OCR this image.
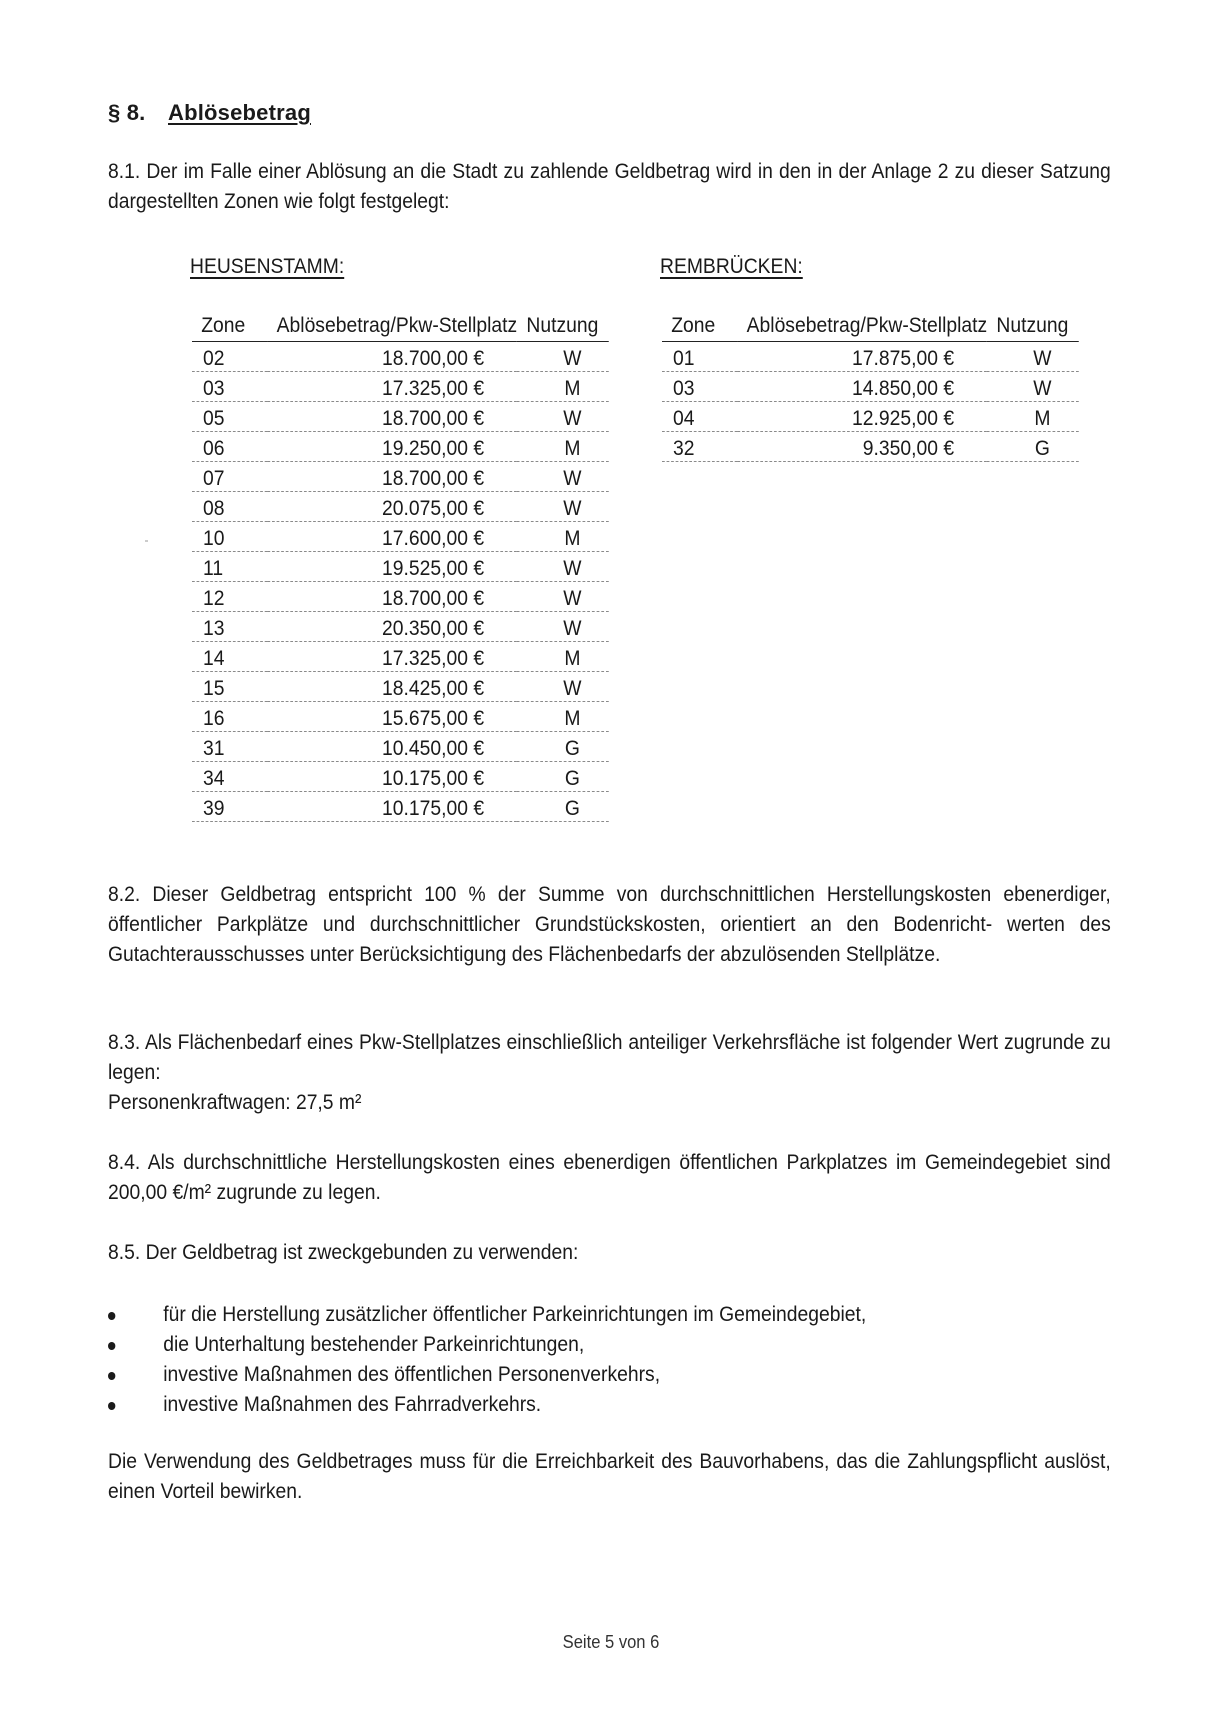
§ 8. Ablösebetrag
8.1. Der im Falle einer Ablösung an die Stadt zu zahlende Geldbetrag wird in den in der Anlage 2 zu dieser Satzung dargestellten Zonen wie folgt festgelegt:
HEUSENSTAMM:	REMBRÜCKEN:
Zone	Ablösebetrag/Pkw-Stellplatz	Nutzung
02	18.700,00 €	W
03	17.325,00 €	M
05	18.700,00 €	W
06	19.250,00 €	M
07	18.700,00 €	W
08	20.075,00 €	W
10	17.600,00 €	M
11	19.525,00 €	W
12	18.700,00 €	W
13	20.350,00 €	W
14	17.325,00 €	M
15	18.425,00 €	W
16	15.675,00 €	M
31	10.450,00 €	G
34	10.175,00 €	G
39	10.175,00 €	G
Zone	Ablösebetrag/Pkw-Stellplatz	Nutzung
01	17.875,00 €	W
03	14.850,00 €	W
04	12.925,00 €	M
32	9.350,00 €	G
8.2. Dieser Geldbetrag entspricht 100 % der Summe von durchschnittlichen Herstellungskosten ebenerdiger, öffentlicher Parkplätze und durchschnittlicher Grundstückskosten, orientiert an den Bodenricht- werten des Gutachterausschusses unter Berücksichtigung des Flächenbedarfs der abzulösenden Stellplätze.
8.3. Als Flächenbedarf eines Pkw-Stellplatzes einschließlich anteiliger Verkehrsfläche ist folgender Wert zugrunde zu legen:
Personenkraftwagen: 27,5 m²
8.4. Als durchschnittliche Herstellungskosten eines ebenerdigen öffentlichen Parkplatzes im Gemeindegebiet sind 200,00 €/m² zugrunde zu legen.
8.5. Der Geldbetrag ist zweckgebunden zu verwenden:
für die Herstellung zusätzlicher öffentlicher Parkeinrichtungen im Gemeindegebiet,
die Unterhaltung bestehender Parkeinrichtungen,
investive Maßnahmen des öffentlichen Personenverkehrs,
investive Maßnahmen des Fahrradverkehrs.
Die Verwendung des Geldbetrages muss für die Erreichbarkeit des Bauvorhabens, das die Zahlungspflicht auslöst, einen Vorteil bewirken.
Seite 5 von 6
